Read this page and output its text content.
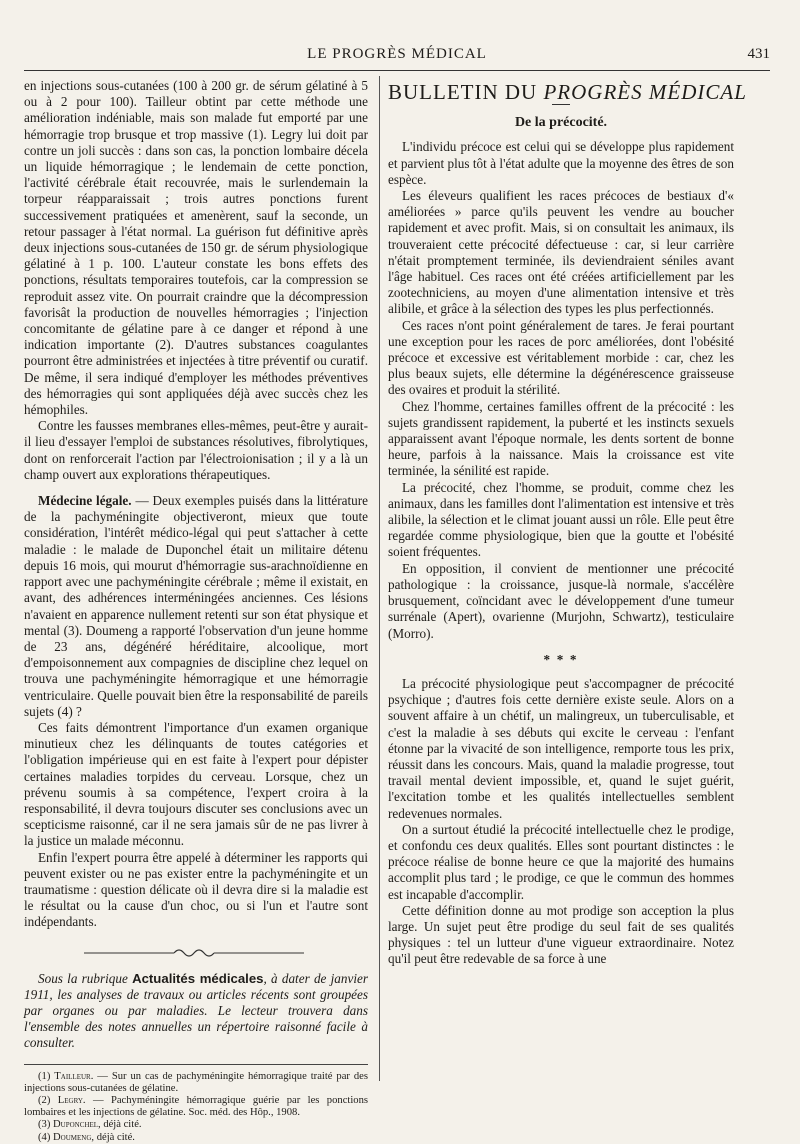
LE PROGRÈS MÉDICAL	431

en injections sous-cutanées (100 à 200 gr. de sérum gélatiné à 5 ou à 2 pour 100). Tailleur obtint par cette méthode une amélioration indéniable, mais son malade fut emporté par une hémorragie trop brusque et trop massive (1). Legry lui doit par contre un joli succès : dans son cas, la ponction lombaire décela un liquide hémorragique ; le lendemain de cette ponction, l'activité cérébrale était recouvrée, mais le surlendemain la torpeur réapparaissait ; trois autres ponctions furent successivement pratiquées et amenèrent, sauf la seconde, un retour passager à l'état normal. La guérison fut définitive après deux injections sous-cutanées de 150 gr. de sérum physiologique gélatiné à 1 p. 100. L'auteur constate les bons effets des ponctions, résultats temporaires toutefois, car la compression se reproduit assez vite. On pourrait craindre que la décompression favorisât la production de nouvelles hémorragies ; l'injection concomitante de gélatine pare à ce danger et répond à une indication importante (2). D'autres substances coagulantes pourront être administrées et injectées à titre préventif ou curatif. De même, il sera indiqué d'employer les méthodes préventives des hémorragies qui sont appliquées déjà avec succès chez les hémophiles.

Contre les fausses membranes elles-mêmes, peut-être y aurait-il lieu d'essayer l'emploi de substances résolutives, fibrolytiques, dont on renforcerait l'action par l'électroionisation ; il y a là un champ ouvert aux explorations thérapeutiques.

Médecine légale. — Deux exemples puisés dans la littérature de la pachyméningite objectiveront, mieux que toute considération, l'intérêt médico-légal qui peut s'attacher à cette maladie : le malade de Duponchel était un militaire détenu depuis 16 mois, qui mourut d'hémorragie sus-arachnoïdienne en rapport avec une pachyméningite cérébrale ; même il existait, en avant, des adhérences interméningées anciennes. Ces lésions n'avaient en apparence nullement retenti sur son état physique et mental (3). Doumeng a rapporté l'observation d'un jeune homme de 23 ans, dégénéré héréditaire, alcoolique, mort d'empoisonnement aux compagnies de discipline chez lequel on trouva une pachyméningite hémorragique et une hémorragie ventriculaire. Quelle pouvait bien être la responsabilité de pareils sujets (4) ?

Ces faits démontrent l'importance d'un examen organique minutieux chez les délinquants de toutes catégories et l'obligation impérieuse qui en est faite à l'expert pour dépister certaines maladies torpides du cerveau. Lorsque, chez un prévenu soumis à sa compétence, l'expert croira à la responsabilité, il devra toujours discuter ses conclusions avec un scepticisme raisonné, car il ne sera jamais sûr de ne pas livrer à la justice un malade méconnu.

Enfin l'expert pourra être appelé à déterminer les rapports qui peuvent exister ou ne pas exister entre la pachyméningite et un traumatisme : question délicate où il devra dire si la maladie est le résultat ou la cause d'un choc, ou si l'un et l'autre sont indépendants.

Sous la rubrique Actualités médicales, à dater de janvier 1911, les analyses de travaux ou articles récents sont groupées par organes ou par maladies. Le lecteur trouvera dans l'ensemble des notes annuelles un répertoire raisonné facile à consulter.

(1) Tailleur. — Sur un cas de pachyméningite hémorragique traité par des injections sous-cutanées de gélatine.

(2) Legry. — Pachyméningite hémorragique guérie par les ponctions lombaires et les injections de gélatine. Soc. méd. des Hôp., 1908.

(3) Duponchel, déjà cité.

(4) Doumeng, déjà cité.

BULLETIN DU PROGRÈS MÉDICAL
De la précocité.

L'individu précoce est celui qui se développe plus rapidement et parvient plus tôt à l'état adulte que la moyenne des êtres de son espèce.

Les éleveurs qualifient les races précoces de bestiaux d'« améliorées » parce qu'ils peuvent les vendre au boucher rapidement et avec profit. Mais, si on consultait les animaux, ils trouveraient cette précocité défectueuse : car, si leur carrière n'était promptement terminée, ils deviendraient séniles avant l'âge habituel. Ces races ont été créées artificiellement par les zootechniciens, au moyen d'une alimentation intensive et très alibile, et grâce à la sélection des types les plus perfectionnés.

Ces races n'ont point généralement de tares. Je ferai pourtant une exception pour les races de porc améliorées, dont l'obésité précoce et excessive est véritablement morbide : car, chez les plus beaux sujets, elle détermine la dégénérescence graisseuse des ovaires et produit la stérilité.

Chez l'homme, certaines familles offrent de la précocité : les sujets grandissent rapidement, la puberté et les instincts sexuels apparaissent avant l'époque normale, les dents sortent de bonne heure, parfois à la naissance. Mais la croissance est vite terminée, la sénilité est rapide.

La précocité, chez l'homme, se produit, comme chez les animaux, dans les familles dont l'alimentation est intensive et très alibile, la sélection et le climat jouant aussi un rôle. Elle peut être regardée comme physiologique, bien que la goutte et l'obésité soient fréquentes.

En opposition, il convient de mentionner une précocité pathologique : la croissance, jusque-là normale, s'accélère brusquement, coïncidant avec le développement d'une tumeur surrénale (Apert), ovarienne (Murjohn, Schwartz), testiculaire (Morro).

* * *

La précocité physiologique peut s'accompagner de précocité psychique ; d'autres fois cette dernière existe seule. Alors on a souvent affaire à un chétif, un malingreux, un tuberculisable, et c'est la maladie à ses débuts qui excite le cerveau : l'enfant étonne par la vivacité de son intelligence, remporte tous les prix, réussit dans les concours. Mais, quand la maladie progresse, tout travail mental devient impossible, et, quand le sujet guérit, l'excitation tombe et les qualités intellectuelles semblent redevenues normales.

On a surtout étudié la précocité intellectuelle chez le prodige, et confondu ces deux qualités. Elles sont pourtant distinctes : le précoce réalise de bonne heure ce que la majorité des humains accomplit plus tard ; le prodige, ce que le commun des hommes est incapable d'accomplir.

Cette définition donne au mot prodige son acception la plus large. Un sujet peut être prodige du seul fait de ses qualités physiques : tel un lutteur d'une vigueur extraordinaire. Notez qu'il peut être redevable de sa force à une
